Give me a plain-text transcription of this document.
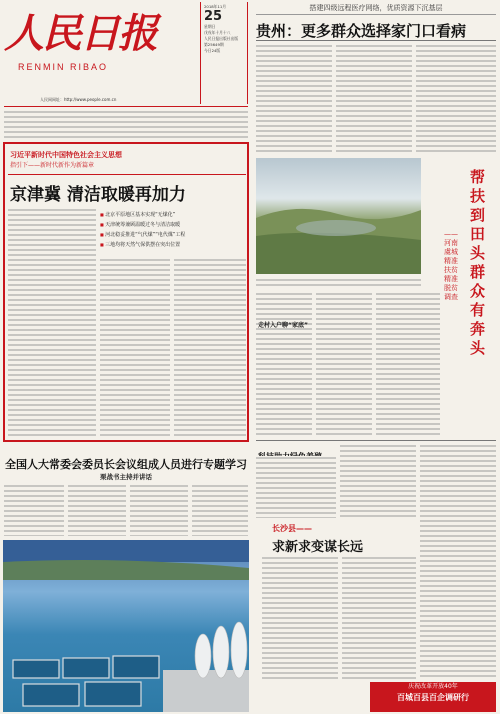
人民日报
RENMIN RIBAO
人民网网址：http://www.people.com.cn
2018年11月
25
星期日
戊戌年十月十八
人民日报出版社出版
第25649期
今日24版
搭建四级远程医疗网络，优质资源下沉基层
贵州：更多群众选择家门口看病
习近平新时代中国特色社会主义思想
指引下——新时代新作为新篇章
京津冀 清洁取暖再加力
■ 北京平原地区基本实现“无煤化”
■ 天津统筹兼顾温暖过冬与清洁取暖
■ 河北稳妥推进“气代煤”“电代煤”工程
■ 三地均将天然气保供摆在突出位置
全国人大常委会委员长会议组成人员进行专题学习
栗战书主持并讲话
帮扶到田头 群众有奔头
——河南虞城精准扶贫精准脱贫调查
走村入户聊“家底”
长沙县——
求新求变谋长远
庆祝改革开放40年
百城百县百企调研行
